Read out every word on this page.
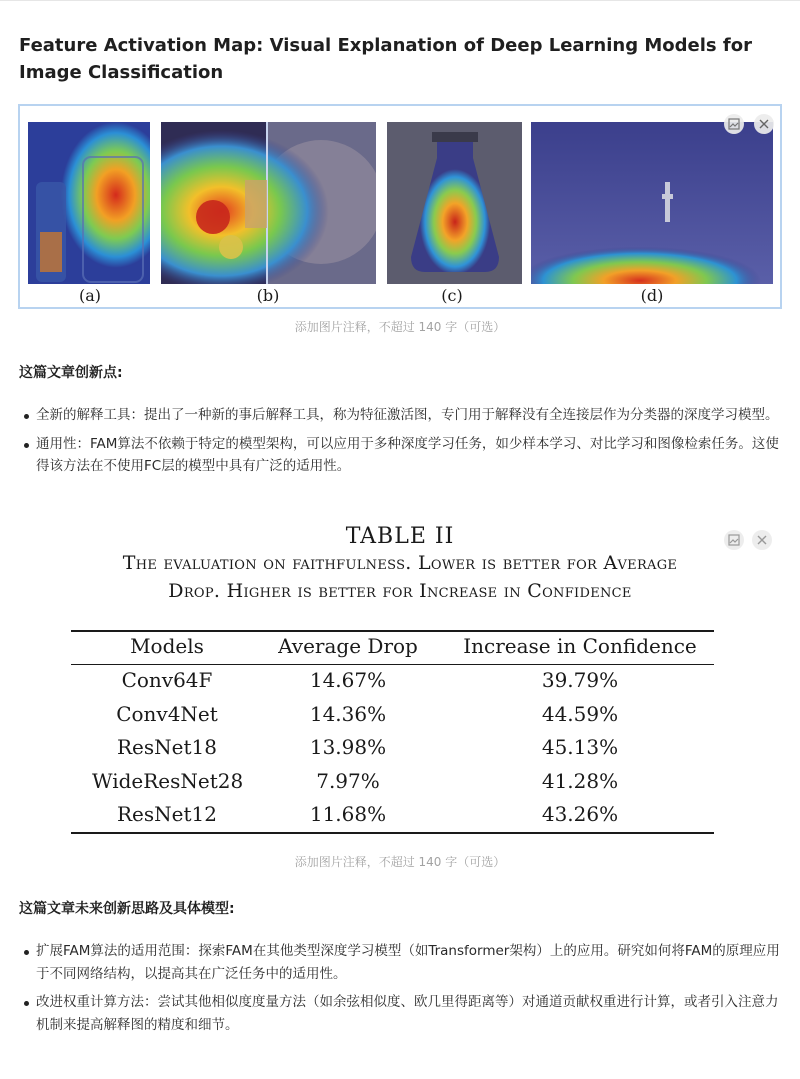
Feature Activation Map: Visual Explanation of Deep Learning Models for Image Classification
(a)	(b)	(c)	(d)
添加图片注释，不超过 140 字（可选）
这篇文章创新点:
全新的解释工具：提出了一种新的事后解释工具，称为特征激活图，专门用于解释没有全连接层作为分类器的深度学习模型。
通用性：FAM算法不依赖于特定的模型架构，可以应用于多种深度学习任务，如少样本学习、对比学习和图像检索任务。这使得该方法在不使用FC层的模型中具有广泛的适用性。
TABLE II
The evaluation on faithfulness. Lower is better for Average
Drop. Higher is better for Increase in Confidence
Models	Average Drop	Increase in Confidence
Conv64F	14.67%	39.79%
Conv4Net	14.36%	44.59%
ResNet18	13.98%	45.13%
WideResNet28	7.97%	41.28%
ResNet12	11.68%	43.26%
添加图片注释，不超过 140 字（可选）
这篇文章未来创新思路及具体模型:
扩展FAM算法的适用范围：探索FAM在其他类型深度学习模型（如Transformer架构）上的应用。研究如何将FAM的原理应用于不同网络结构，以提高其在广泛任务中的适用性。
改进权重计算方法：尝试其他相似度度量方法（如余弦相似度、欧几里得距离等）对通道贡献权重进行计算，或者引入注意力机制来提高解释图的精度和细节。
